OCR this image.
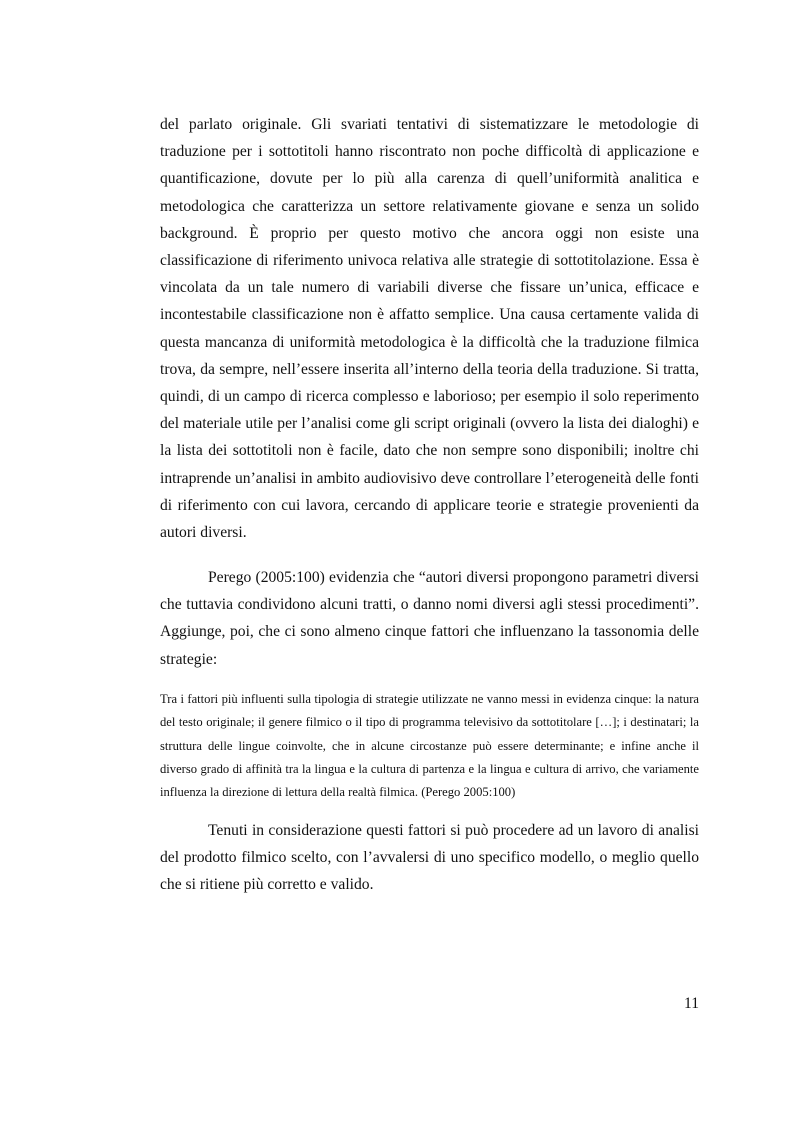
del parlato originale. Gli svariati tentativi di sistematizzare le metodologie di traduzione per i sottotitoli hanno riscontrato non poche difficoltà di applicazione e quantificazione, dovute per lo più alla carenza di quell’uniformità analitica e metodologica che caratterizza un settore relativamente giovane e senza un solido background. È proprio per questo motivo che ancora oggi non esiste una classificazione di riferimento univoca relativa alle strategie di sottotitolazione. Essa è vincolata da un tale numero di variabili diverse che fissare un’unica, efficace e incontestabile classificazione non è affatto semplice. Una causa certamente valida di questa mancanza di uniformità metodologica è la difficoltà che la traduzione filmica trova, da sempre, nell’essere inserita all’interno della teoria della traduzione. Si tratta, quindi, di un campo di ricerca complesso e laborioso; per esempio il solo reperimento del materiale utile per l’analisi come gli script originali (ovvero la lista dei dialoghi) e la lista dei sottotitoli non è facile, dato che non sempre sono disponibili; inoltre chi intraprende un’analisi in ambito audiovisivo deve controllare l’eterogeneità delle fonti di riferimento con cui lavora, cercando di applicare teorie e strategie provenienti da autori diversi.

Perego (2005:100) evidenzia che “autori diversi propongono parametri diversi che tuttavia condividono alcuni tratti, o danno nomi diversi agli stessi procedimenti”. Aggiunge, poi, che ci sono almeno cinque fattori che influenzano la tassonomia delle strategie:

Tra i fattori più influenti sulla tipologia di strategie utilizzate ne vanno messi in evidenza cinque: la natura del testo originale; il genere filmico o il tipo di programma televisivo da sottotitolare […]; i destinatari; la struttura delle lingue coinvolte, che in alcune circostanze può essere determinante; e infine anche il diverso grado di affinità tra la lingua e la cultura di partenza e la lingua e cultura di arrivo, che variamente influenza la direzione di lettura della realtà filmica. (Perego 2005:100)

Tenuti in considerazione questi fattori si può procedere ad un lavoro di analisi del prodotto filmico scelto, con l’avvalersi di uno specifico modello, o meglio quello che si ritiene più corretto e valido.

11
